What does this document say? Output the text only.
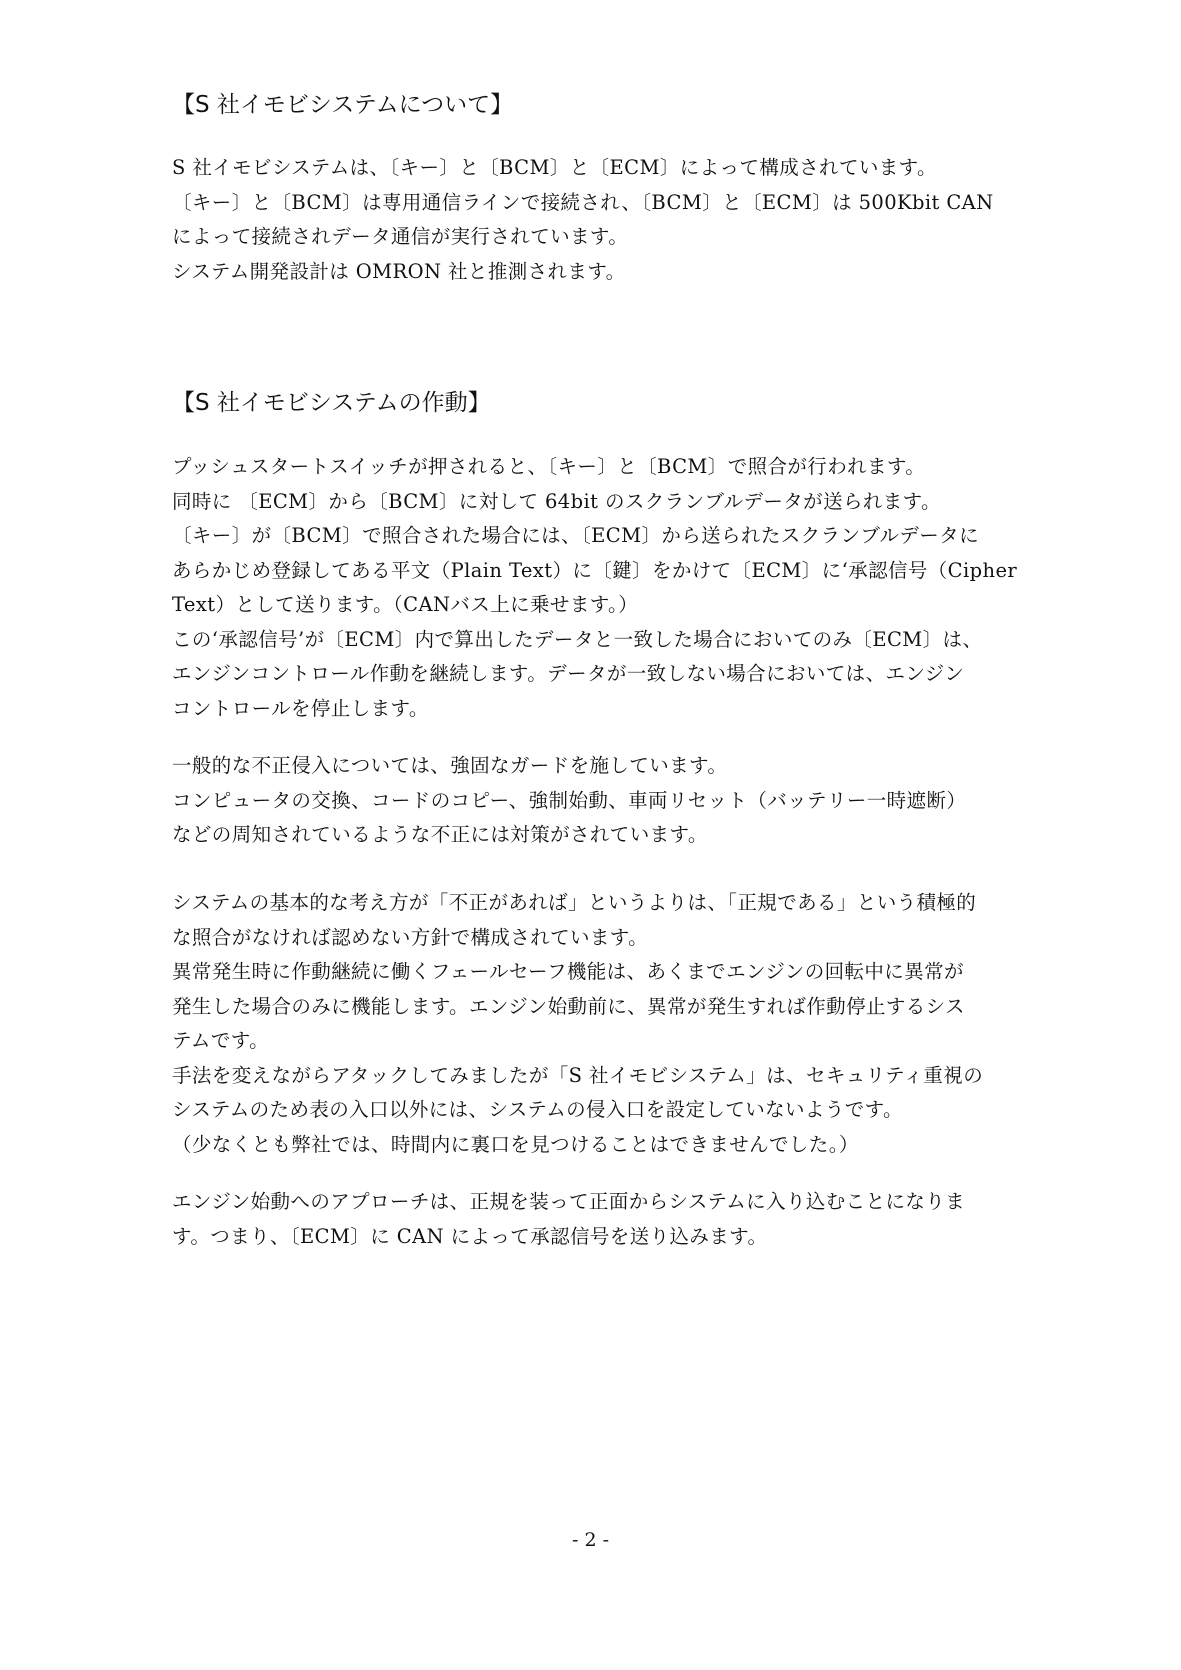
【S 社イモビシステムについて】
S 社イモビシステムは、〔キー〕と〔BCM〕と〔ECM〕によって構成されています。
〔キー〕と〔BCM〕は専用通信ラインで接続され、〔BCM〕と〔ECM〕は 500Kbit CAN
によって接続されデータ通信が実行されています。
システム開発設計は OMRON 社と推測されます。
【S 社イモビシステムの作動】
プッシュスタートスイッチが押されると、〔キー〕と〔BCM〕で照合が行われます。
同時に 〔ECM〕から〔BCM〕に対して 64bit のスクランブルデータが送られます。
〔キー〕が〔BCM〕で照合された場合には、〔ECM〕から送られたスクランブルデータに
あらかじめ登録してある平文（Plain Text）に〔鍵〕をかけて〔ECM〕に‘承認信号（Cipher
Text）として送ります。（CANバス上に乗せます。）
この‘承認信号’が〔ECM〕内で算出したデータと一致した場合においてのみ〔ECM〕は、
エンジンコントロール作動を継続します。データが一致しない場合においては、エンジン
コントロールを停止します。
一般的な不正侵入については、強固なガードを施しています。
コンピュータの交換、コードのコピー、強制始動、車両リセット（バッテリー一時遮断）
などの周知されているような不正には対策がされています。
システムの基本的な考え方が「不正があれば」というよりは、「正規である」という積極的
な照合がなければ認めない方針で構成されています。
異常発生時に作動継続に働くフェールセーフ機能は、あくまでエンジンの回転中に異常が
発生した場合のみに機能します。エンジン始動前に、異常が発生すれば作動停止するシス
テムです。
手法を変えながらアタックしてみましたが「S 社イモビシステム」は、セキュリティ重視の
システムのため表の入口以外には、システムの侵入口を設定していないようです。
（少なくとも弊社では、時間内に裏口を見つけることはできませんでした。）
エンジン始動へのアプローチは、正規を装って正面からシステムに入り込むことになりま
す。つまり、〔ECM〕に CAN によって承認信号を送り込みます。
- 2 -
